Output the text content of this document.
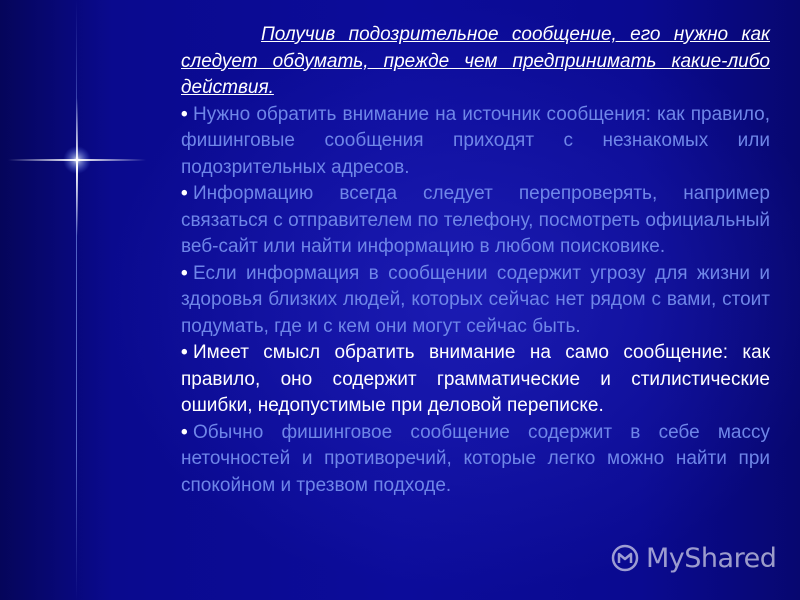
Получив подозрительное сообщение, его нужно как следует обдумать, прежде чем предпринимать какие-либо действия.

• Нужно обратить внимание на источник сообщения: как правило, фишинговые сообщения приходят с незнакомых или подозрительных адресов.

• Информацию всегда следует перепроверять, например связаться с отправителем по телефону, посмотреть официальный веб-сайт или найти информацию в любом поисковике.

• Если информация в сообщении содержит угрозу для жизни и здоровья близких людей, которых сейчас нет рядом с вами, стоит подумать, где и с кем они могут сейчас быть.

• Имеет смысл обратить внимание на само сообщение: как правило, оно содержит грамматические и стилистические ошибки, недопустимые при деловой переписке.

• Обычно фишинговое сообщение содержит в себе массу неточностей и противоречий, которые легко можно найти при спокойном и трезвом подходе.

MyShared
